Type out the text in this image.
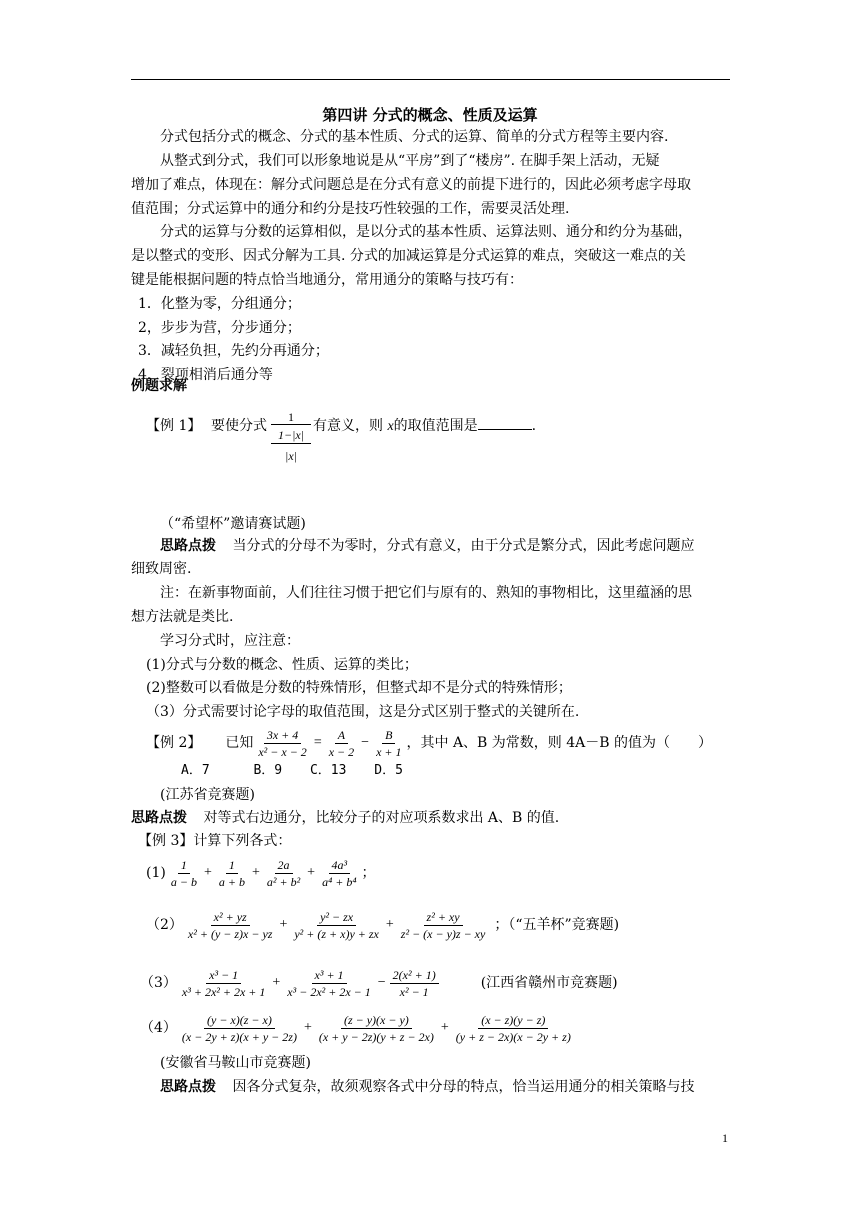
第四讲 分式的概念、性质及运算
分式包括分式的概念、分式的基本性质、分式的运算、简单的分式方程等主要内容.
从整式到分式，我们可以形象地说是从“平房”到了“楼房”. 在脚手架上活动，无疑
增加了难点，体现在：解分式问题总是在分式有意义的前提下进行的，因此必须考虑字母取
值范围；分式运算中的通分和约分是技巧性较强的工作，需要灵活处理.
分式的运算与分数的运算相似，是以分式的基本性质、运算法则、通分和约分为基础，
是以整式的变形、因式分解为工具. 分式的加减运算是分式运算的难点，突破这一难点的关
键是能根据问题的特点恰当地通分，常用通分的策略与技巧有：
1．化整为零，分组通分；
2，步步为营，分步通分；
3．减轻负担，先约分再通分；
4．裂项相消后通分等
例题求解
【例 1】 要使分式
1
1−|x|
|x|
有意义，则 x的取值范围是	.
（“希望杯”邀请赛试题)
思路点拨 当分式的分母不为零时，分式有意义，由于分式是繁分式，因此考虑问题应
细致周密.
注：在新事物面前，人们往往习惯于把它们与原有的、熟知的事物相比，这里蕴涵的思
想方法就是类比.
学习分式时，应注意：
(1)分式与分数的概念、性质、运算的类比；
(2)整数可以看做是分数的特殊情形，但整式却不是分式的特殊情形；
（3）分式需要讨论字母的取值范围，这是分式区别于整式的关键所在.
【例 2】 已知 $\frac{3x + 4}{\text{x² − x − 2}} = \frac{A}{x - 2} - \frac{B}{x + 1}$ ，其中 A、B 为常数，则 4A－B 的值为（　　）
A．7	B．9 C．13 D．5
(江苏省竞赛题)
思路点拨 对等式右边通分，比较分子的对应项系数求出 A、B 的值.
【例 3】计算下列各式：
$(1) \frac{1}{a - b} + \frac{1}{a + b} + \frac{2a}{\text{a² + b²}} + \frac{\text{4a³}}{\text{a⁴ + b⁴}}$ ；
$(2) \frac{\text{x² + yz}}{\text{x² + (y − z)x − yz}} + \frac{\text{y² − zx}}{\text{y² + (z + x)y + zx}} + \frac{\text{z² + xy}}{\text{z² − (x − y)z − xy}}$ ；（“五羊杯”竞赛题)
$(3) \frac{\text{x³ − 1}}{\text{x³ + 2x² + 2x + 1}} + \frac{\text{x³ + 1}}{\text{x³ − 2x² + 2x − 1}} - \frac{\text{2(x² + 1)}}{\text{x² − 1}}$	(江西省赣州市竞赛题)
$(4) \frac{(y - x)(z - x)}{(x - 2y + z)(x + y - 2z)} + \frac{(z - y)(x - y)}{(x + y - 2z)(y + z - 2x)} + \frac{(x - z)(y - z)}{(y + z - 2x)(x - 2y + z)}$
(安徽省马鞍山市竞赛题)
思路点拨 因各分式复杂，故须观察各式中分母的特点，恰当运用通分的相关策略与技
1
